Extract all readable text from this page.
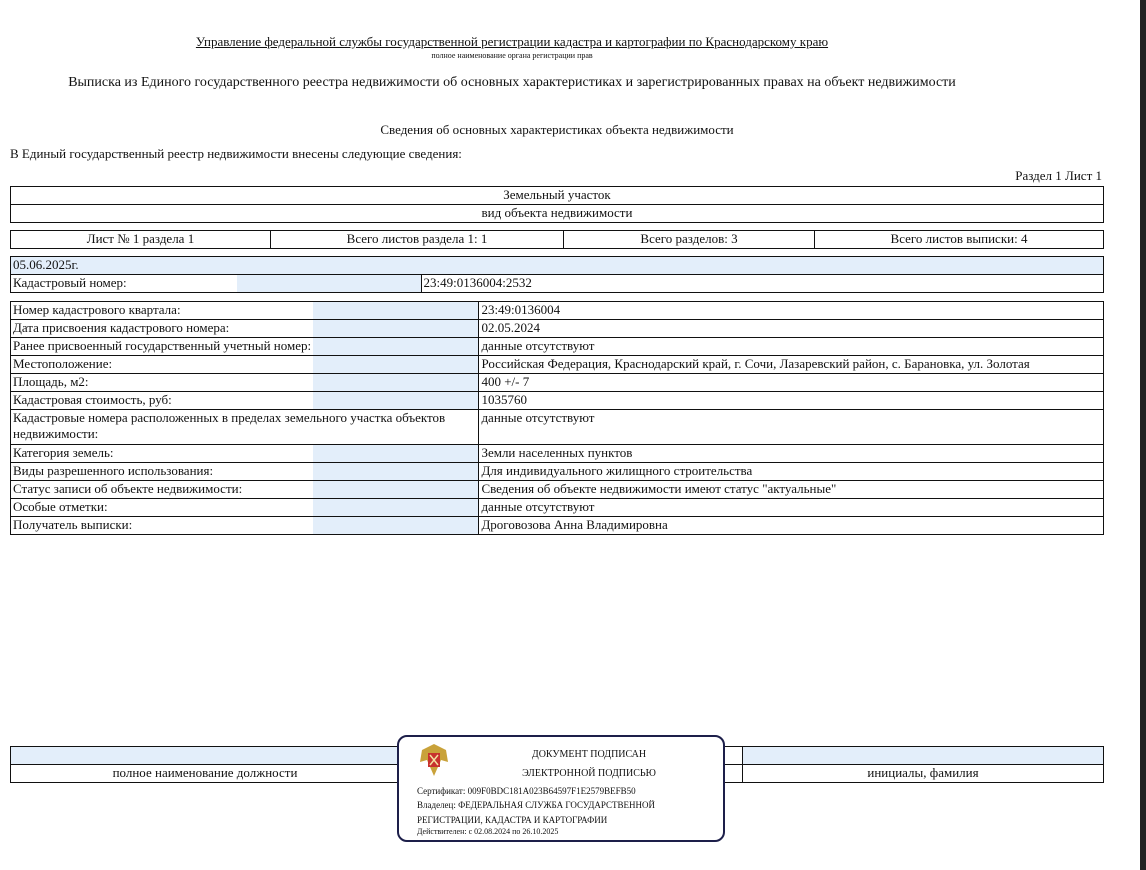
Управление федеральной службы государственной регистрации кадастра и картографии по Краснодарскому краю
полное наименование органа регистрации прав
Выписка из Единого государственного реестра недвижимости об основных характеристиках и зарегистрированных правах на объект недвижимости
Сведения об основных характеристиках объекта недвижимости
В Единый государственный реестр недвижимости внесены следующие сведения:
Раздел 1 Лист 1
Земельный участок
вид объекта недвижимости
Лист № 1 раздела 1	Всего листов раздела 1: 1	Всего разделов: 3	Всего листов выписки: 4
05.06.2025г.
Кадастровый номер:		23:49:0136004:2532
Номер кадастрового квартала:		23:49:0136004
Дата присвоения кадастрового номера:		02.05.2024
Ранее присвоенный государственный учетный номер:		данные отсутствуют
Местоположение:		Российская Федерация, Краснодарский край, г. Сочи, Лазаревский район, с. Барановка, ул. Золотая
Площадь, м2:		400 +/- 7
Кадастровая стоимость, руб:		1035760
Кадастровые номера расположенных в пределах земельного участка объектов недвижимости:		данные отсутствуют
Категория земель:		Земли населенных пунктов
Виды разрешенного использования:		Для индивидуального жилищного строительства
Статус записи об объекте недвижимости:		Сведения об объекте недвижимости имеют статус "актуальные"
Особые отметки:		данные отсутствуют
Получатель выписки:		Дроговозова Анна Владимировна

полное наименование должности		инициалы, фамилия
ДОКУМЕНТ ПОДПИСАН
ЭЛЕКТРОННОЙ ПОДПИСЬЮ
Сертификат: 009F0BDC181A023B64597F1E2579BEFB50
Владелец: ФЕДЕРАЛЬНАЯ СЛУЖБА ГОСУДАРСТВЕННОЙ
РЕГИСТРАЦИИ, КАДАСТРА И КАРТОГРАФИИ
Действителен: с 02.08.2024 по 26.10.2025
